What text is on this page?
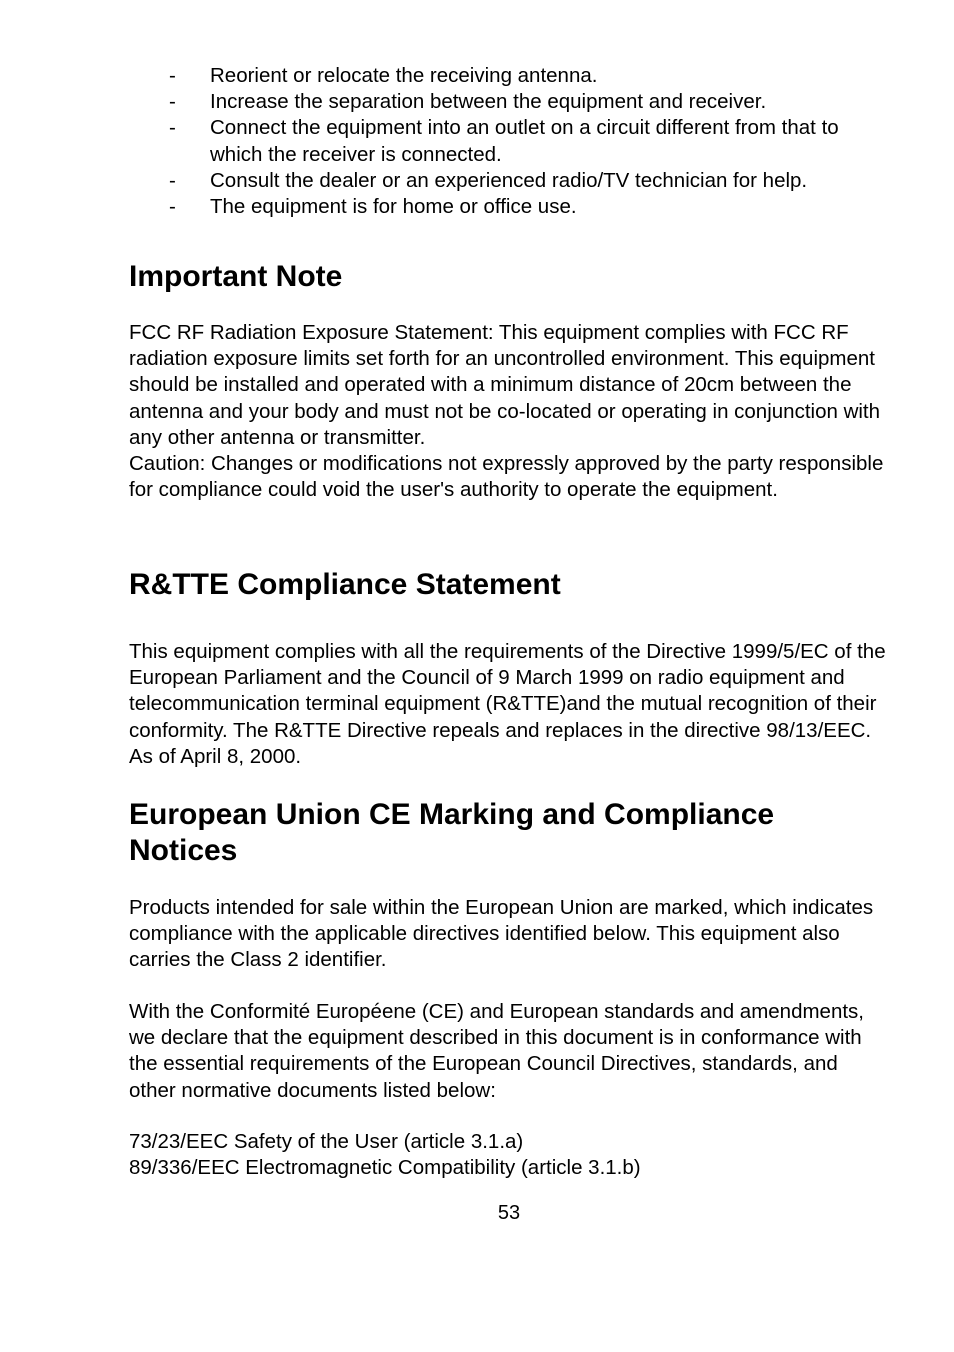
- Reorient or relocate the receiving antenna.
- Increase the separation between the equipment and receiver.
- Connect the equipment into an outlet on a circuit different from that to which the receiver is connected.
- Consult the dealer or an experienced radio/TV technician for help.
- The equipment is for home or office use.
Important Note

FCC RF Radiation Exposure Statement: This equipment complies with FCC RF radiation exposure limits set forth for an uncontrolled environment. This equipment should be installed and operated with a minimum distance of 20cm between the antenna and your body and must not be co-located or operating in conjunction with any other antenna or transmitter.

Caution: Changes or modifications not expressly approved by the party responsible for compliance could void the user's authority to operate the equipment.

R&TTE Compliance Statement

This equipment complies with all the requirements of the Directive 1999/5/EC of the European Parliament and the Council of 9 March 1999 on radio equipment and telecommunication terminal equipment (R&TTE)and the mutual recognition of their conformity. The R&TTE Directive repeals and replaces in the directive 98/13/EEC. As of April 8, 2000.

European Union CE Marking and Compliance Notices

Products intended for sale within the European Union are marked, which indicates compliance with the applicable directives identified below. This equipment also carries the Class 2 identifier.

With the Conformité Européene (CE) and European standards and amendments, we declare that the equipment described in this document is in conformance with the essential requirements of the European Council Directives, standards, and other normative documents listed below:

73/23/EEC Safety of the User (article 3.1.a)

89/336/EEC Electromagnetic Compatibility (article 3.1.b)

53
